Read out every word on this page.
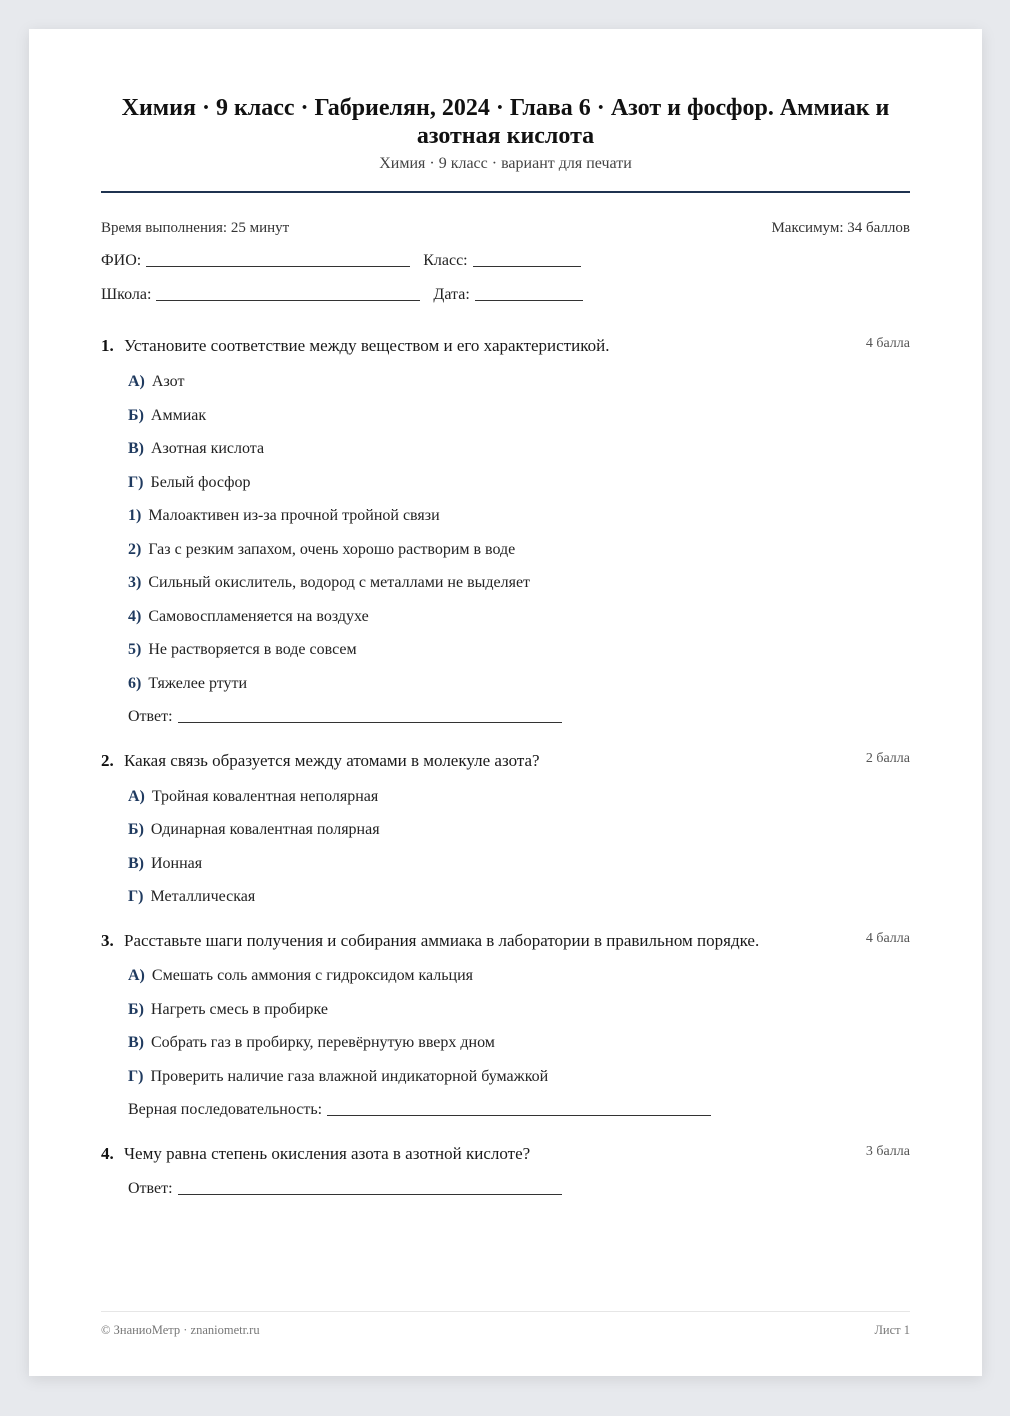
Химия · 9 класс · Габриелян, 2024 · Глава 6 · Азот и фосфор. Аммиак и азотная кислота
Химия · 9 класс · вариант для печати
Время выполнения: 25 минут	Максимум: 34 баллов
ФИО:	Класс:
Школа:	Дата:
1. Установите соответствие между веществом и его характеристикой.	4 балла
А) Азот
Б) Аммиак
В) Азотная кислота
Г) Белый фосфор
1) Малоактивен из-за прочной тройной связи
2) Газ с резким запахом, очень хорошо растворим в воде
3) Сильный окислитель, водород с металлами не выделяет
4) Самовоспламеняется на воздухе
5) Не растворяется в воде совсем
6) Тяжелее ртути
Ответ:
2. Какая связь образуется между атомами в молекуле азота?	2 балла
А) Тройная ковалентная неполярная
Б) Одинарная ковалентная полярная
В) Ионная
Г) Металлическая
3. Расставьте шаги получения и собирания аммиака в лаборатории в правильном порядке.	4 балла
А) Смешать соль аммония с гидроксидом кальция
Б) Нагреть смесь в пробирке
В) Собрать газ в пробирку, перевёрнутую вверх дном
Г) Проверить наличие газа влажной индикаторной бумажкой
Верная последовательность:
4. Чему равна степень окисления азота в азотной кислоте?	3 балла
Ответ:
© ЗнаниоМетр · znaniometr.ru	Лист 1
